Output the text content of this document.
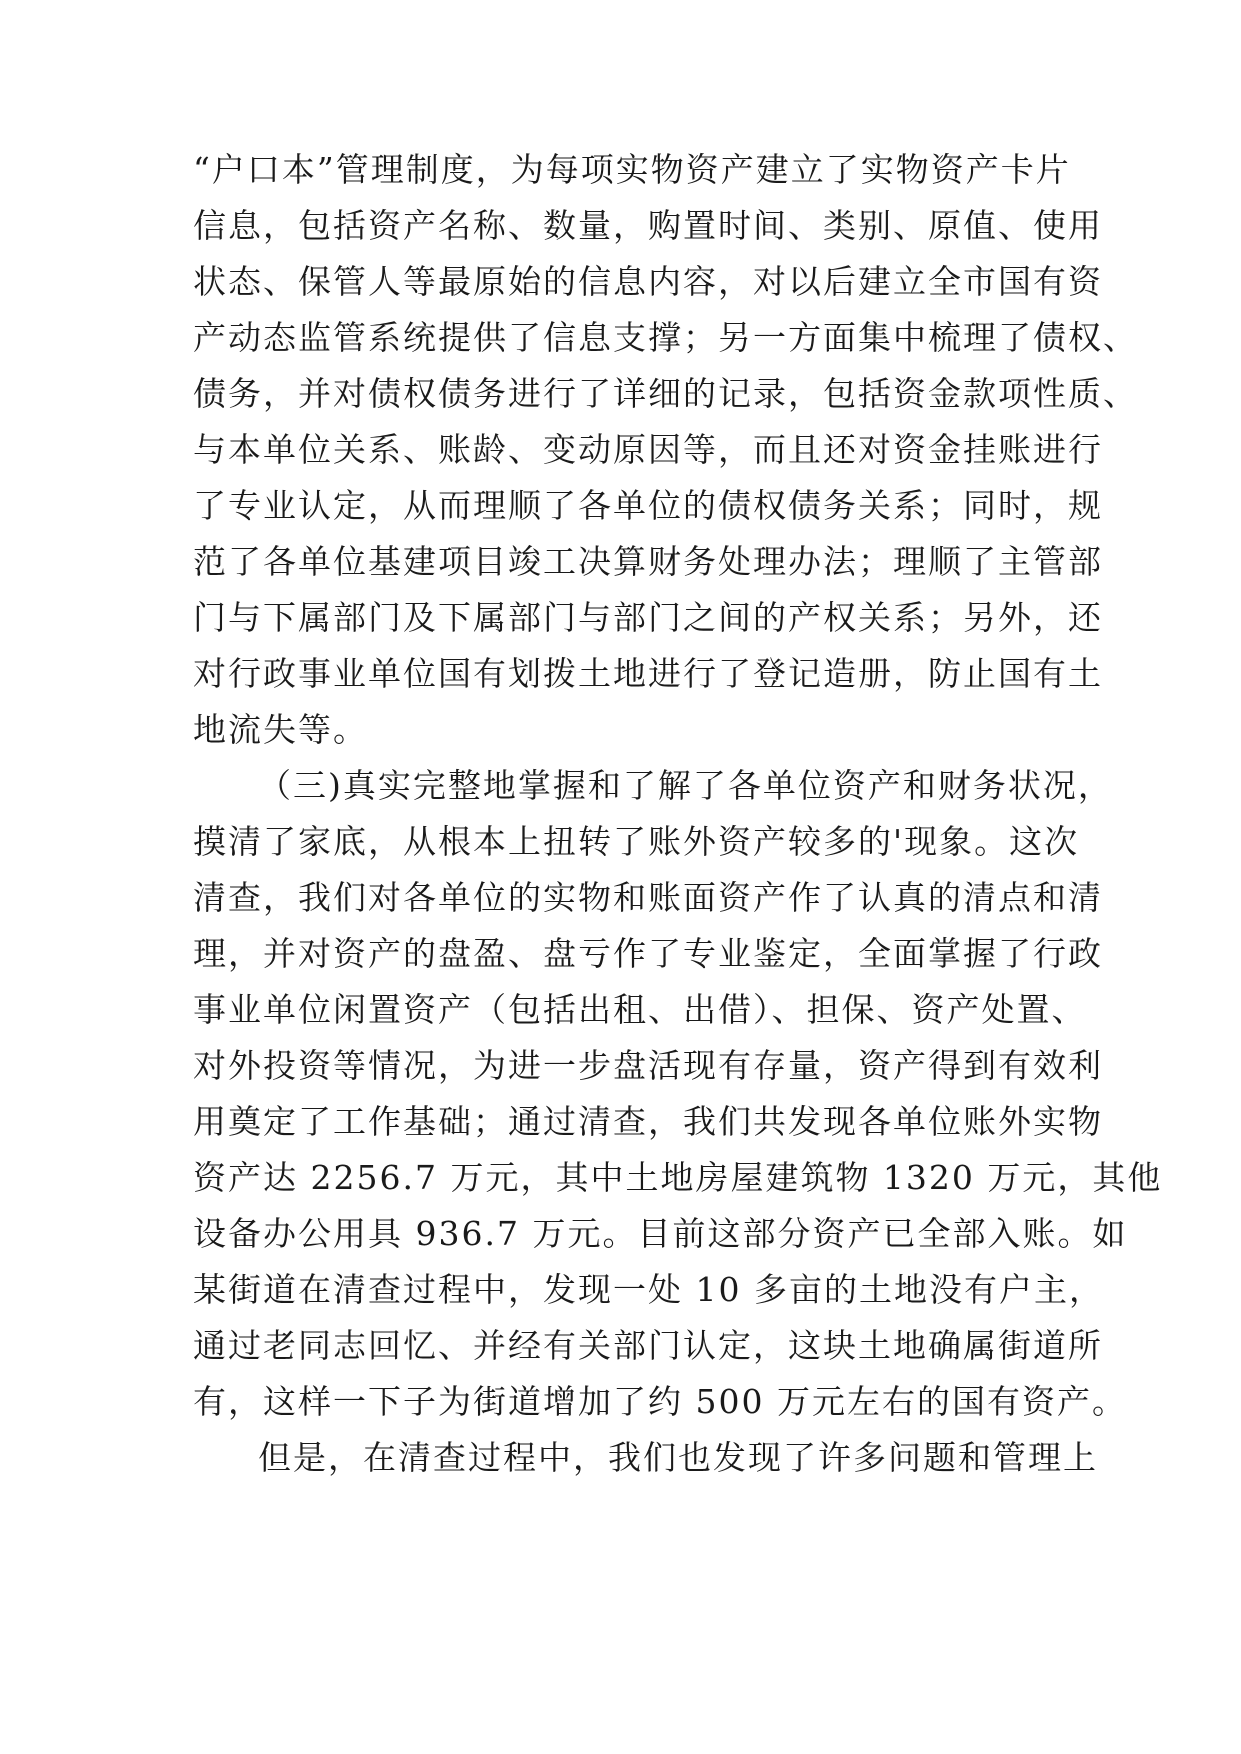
“户口本”管理制度，为每项实物资产建立了实物资产卡片
信息，包括资产名称、数量，购置时间、类别、原值、使用
状态、保管人等最原始的信息内容，对以后建立全市国有资
产动态监管系统提供了信息支撑；另一方面集中梳理了债权、
债务，并对债权债务进行了详细的记录，包括资金款项性质、
与本单位关系、账龄、变动原因等，而且还对资金挂账进行
了专业认定，从而理顺了各单位的债权债务关系；同时，规
范了各单位基建项目竣工决算财务处理办法；理顺了主管部
门与下属部门及下属部门与部门之间的产权关系；另外，还
对行政事业单位国有划拨土地进行了登记造册，防止国有土
地流失等。
（三)真实完整地掌握和了解了各单位资产和财务状况，
摸清了家底，从根本上扭转了账外资产较多的'现象。这次
清查，我们对各单位的实物和账面资产作了认真的清点和清
理，并对资产的盘盈、盘亏作了专业鉴定，全面掌握了行政
事业单位闲置资产（包括出租、出借）、担保、资产处置、
对外投资等情况，为进一步盘活现有存量，资产得到有效利
用奠定了工作基础；通过清查，我们共发现各单位账外实物
资产达 2256.7 万元，其中土地房屋建筑物 1320 万元，其他
设备办公用具 936.7 万元。目前这部分资产已全部入账。如
某街道在清查过程中，发现一处 10 多亩的土地没有户主，
通过老同志回忆、并经有关部门认定，这块土地确属街道所
有，这样一下子为街道增加了约 500 万元左右的国有资产。
但是，在清查过程中，我们也发现了许多问题和管理上
